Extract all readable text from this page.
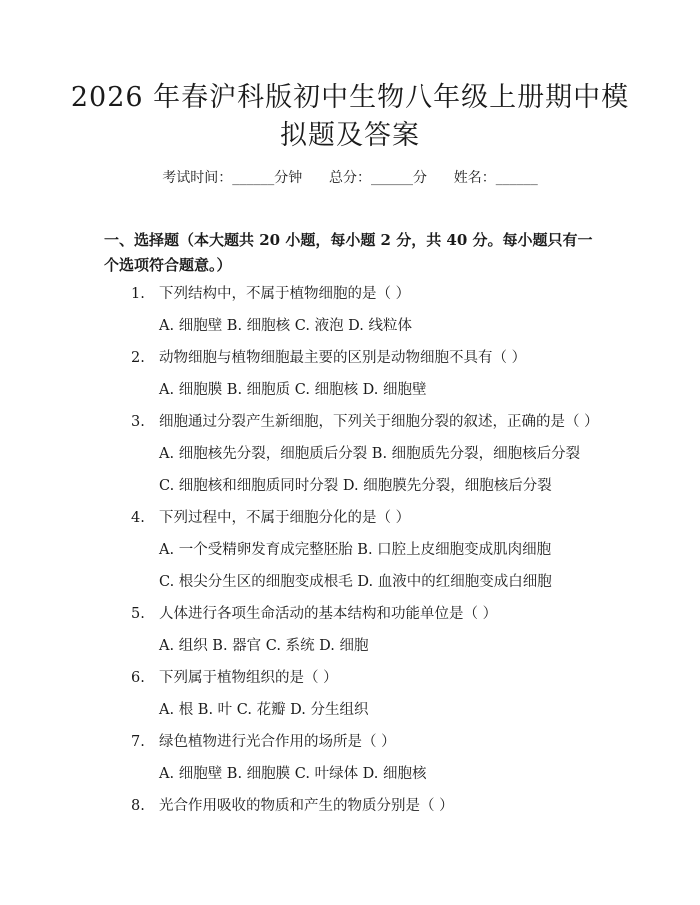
2026 年春沪科版初中生物八年级上册期中模
拟题及答案
考试时间：______分钟      总分：______分      姓名：______
一、选择题（本大题共 20 小题，每小题 2 分，共 40 分。每小题只有一个选项符合题意。）
1. 下列结构中，不属于植物细胞的是（ ）
A. 细胞壁 B. 细胞核 C. 液泡 D. 线粒体
2. 动物细胞与植物细胞最主要的区别是动物细胞不具有（ ）
A. 细胞膜 B. 细胞质 C. 细胞核 D. 细胞壁
3. 细胞通过分裂产生新细胞，下列关于细胞分裂的叙述，正确的是（ ）
A. 细胞核先分裂，细胞质后分裂 B. 细胞质先分裂，细胞核后分裂
C. 细胞核和细胞质同时分裂 D. 细胞膜先分裂，细胞核后分裂
4. 下列过程中，不属于细胞分化的是（ ）
A. 一个受精卵发育成完整胚胎 B. 口腔上皮细胞变成肌肉细胞
C. 根尖分生区的细胞变成根毛 D. 血液中的红细胞变成白细胞
5. 人体进行各项生命活动的基本结构和功能单位是（ ）
A. 组织 B. 器官 C. 系统 D. 细胞
6. 下列属于植物组织的是（ ）
A. 根 B. 叶 C. 花瓣 D. 分生组织
7. 绿色植物进行光合作用的场所是（ ）
A. 细胞壁 B. 细胞膜 C. 叶绿体 D. 细胞核
8. 光合作用吸收的物质和产生的物质分别是（ ）
